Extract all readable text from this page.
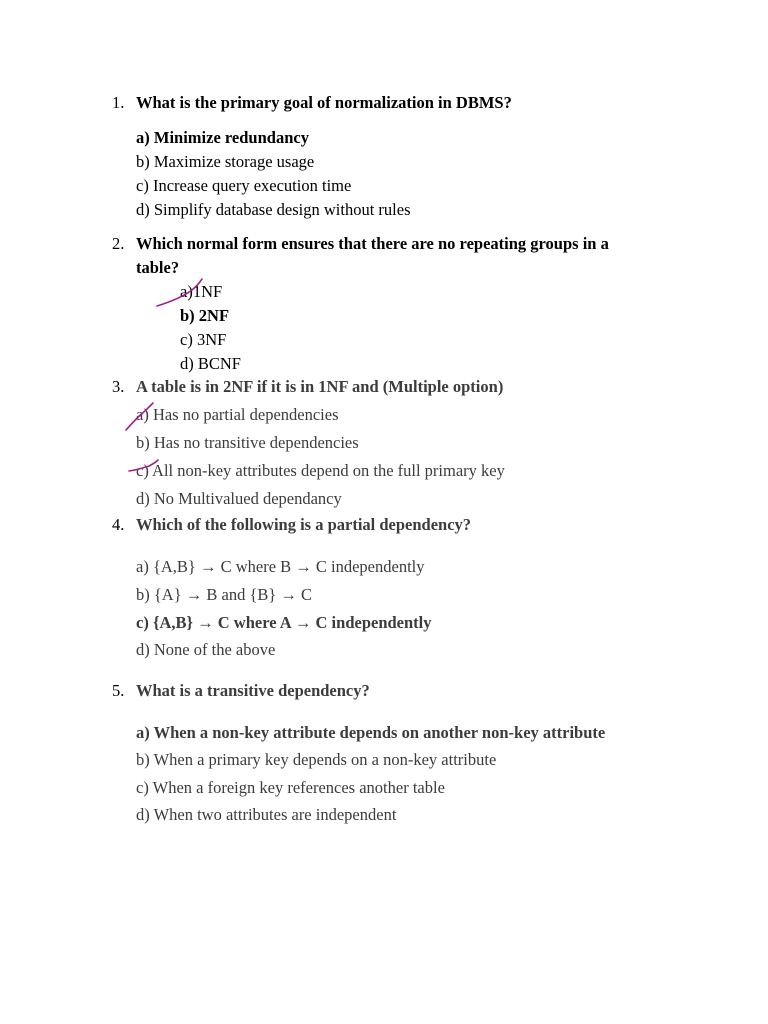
1. What is the primary goal of normalization in DBMS?
a) Minimize redundancy
b) Maximize storage usage
c) Increase query execution time
d) Simplify database design without rules
2. Which normal form ensures that there are no repeating groups in a
table?
a)1NF
b) 2NF
c) 3NF
d) BCNF
3. A table is in 2NF if it is in 1NF and (Multiple option)
a) Has no partial dependencies
b) Has no transitive dependencies
c) All non-key attributes depend on the full primary key
d) No Multivalued dependancy
4. Which of the following is a partial dependency?
a) {A,B} → C where B → C independently
b) {A} → B and {B} → C
c) {A,B} → C where A → C independently
d) None of the above
5. What is a transitive dependency?
a) When a non-key attribute depends on another non-key attribute
b) When a primary key depends on a non-key attribute
c) When a foreign key references another table
d) When two attributes are independent
